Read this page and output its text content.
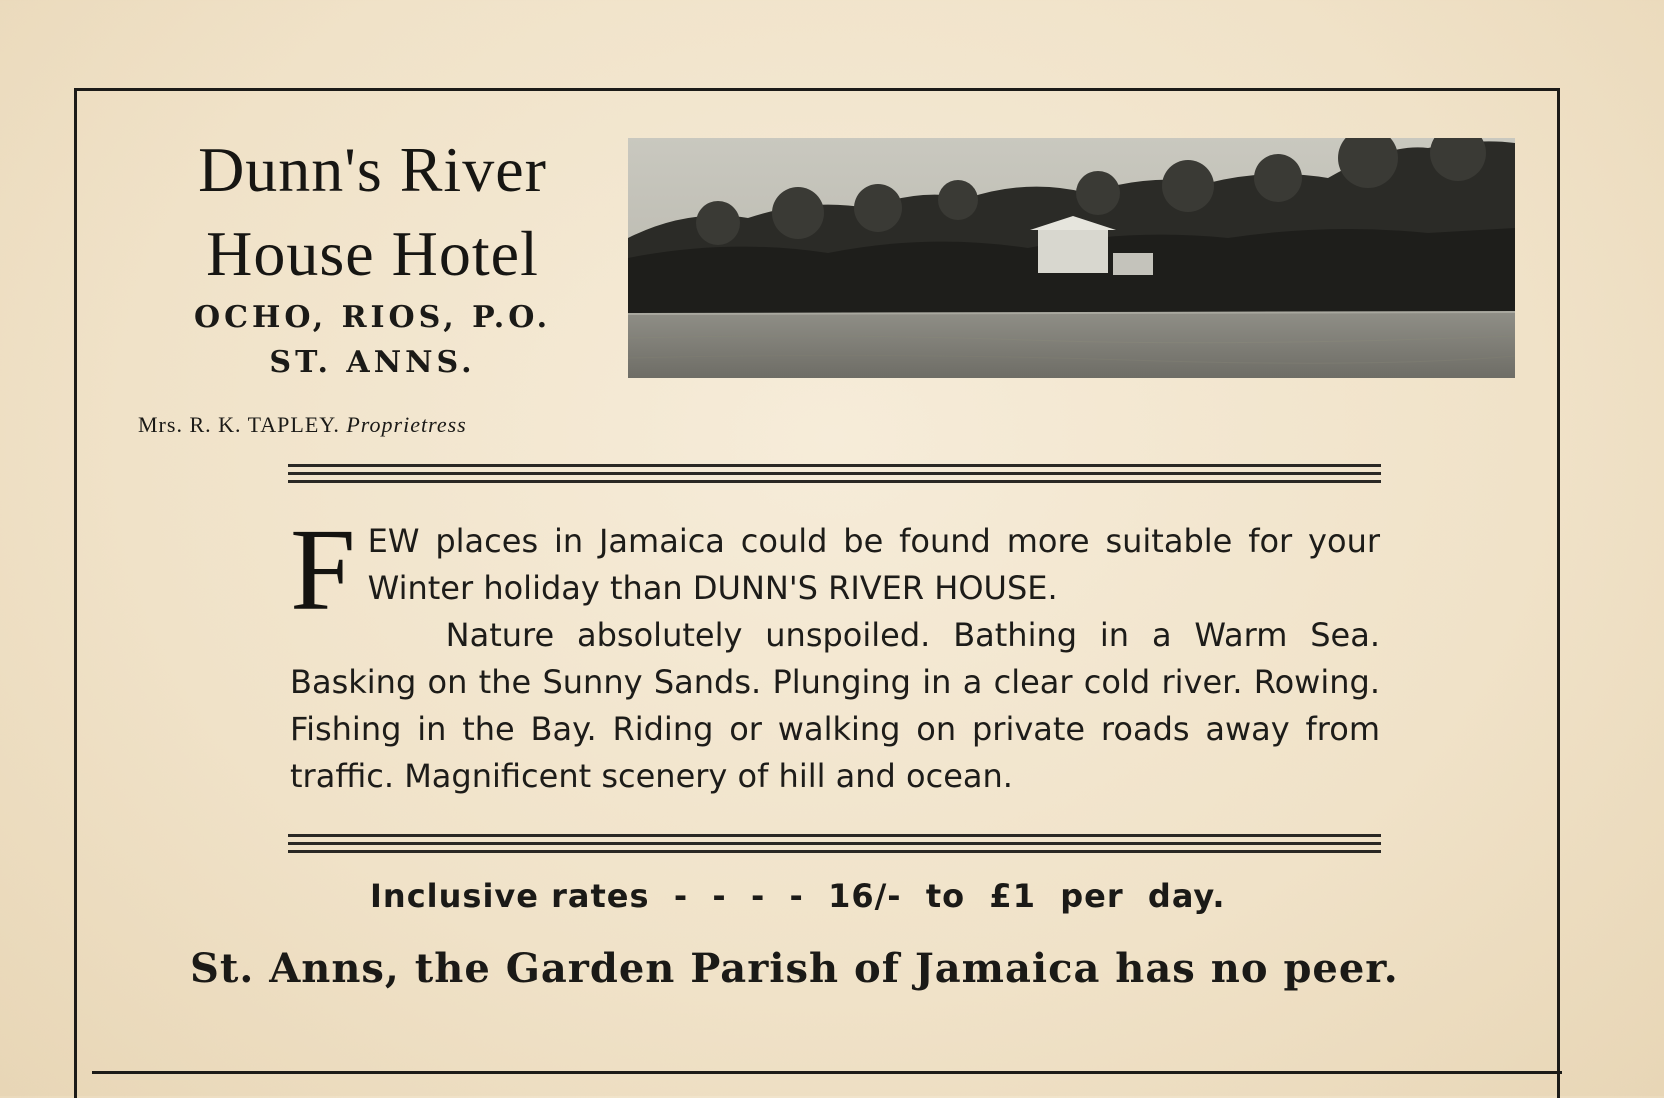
Dunn's River
House Hotel
OCHO, RIOS, P.O.
ST. ANNS.
Mrs. R. K. TAPLEY. Proprietress

F EW places in Jamaica could be found more suitable for your Winter holiday than DUNN'S RIVER HOUSE.

Nature absolutely unspoiled. Bathing in a Warm Sea. Basking on the Sunny Sands. Plunging in a clear cold river. Rowing. Fishing in the Bay. Riding or walking on private roads away from traffic. Magnificent scenery of hill and ocean.

Inclusive rates  -  -  -  -  16/-  to  £1  per  day.
St. Anns, the Garden Parish of Jamaica has no peer.
